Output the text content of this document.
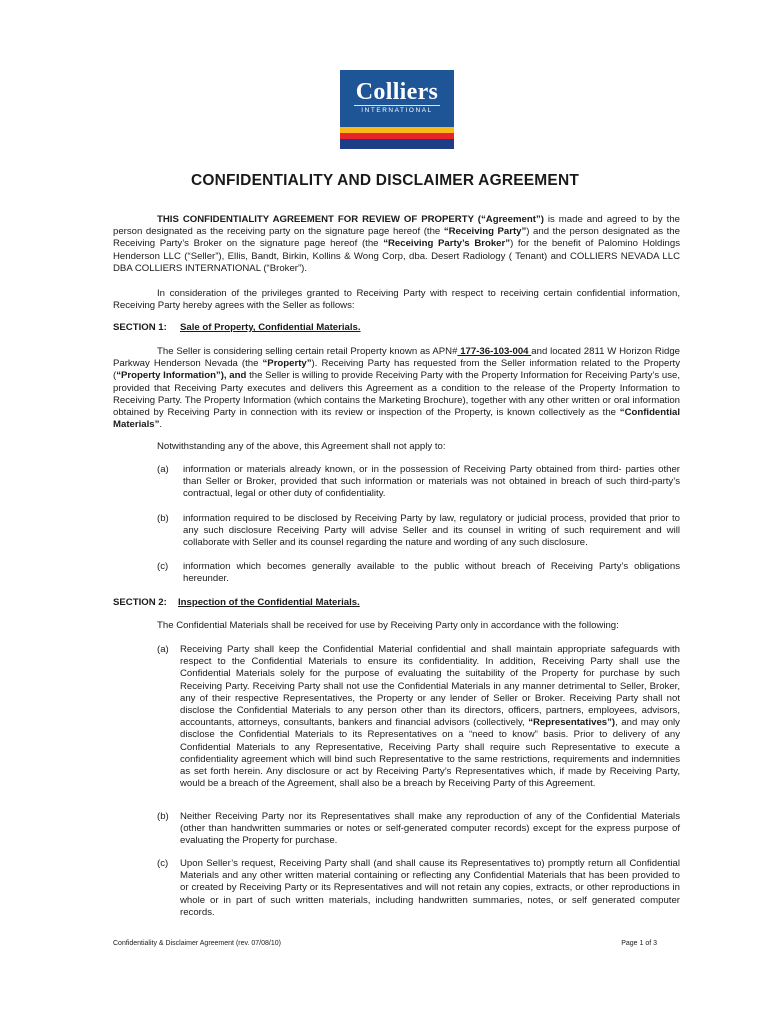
Colliers
INTERNATIONAL
CONFIDENTIALITY AND DISCLAIMER AGREEMENT
THIS CONFIDENTIALITY AGREEMENT FOR REVIEW OF PROPERTY (“Agreement”) is made and agreed to by the person designated as the receiving party on the signature page hereof (the “Receiving Party”) and the person designated as the Receiving Party’s Broker on the signature page hereof (the “Receiving Party’s Broker”) for the benefit of Palomino Holdings Henderson LLC (“Seller”), Ellis, Bandt, Birkin, Kollins & Wong Corp, dba. Desert Radiology ( Tenant) and COLLIERS NEVADA LLC DBA COLLIERS INTERNATIONAL (“Broker”).
In consideration of the privileges granted to Receiving Party with respect to receiving certain confidential information, Receiving Party hereby agrees with the Seller as follows:
SECTION 1: Sale of Property, Confidential Materials.
The Seller is considering selling certain retail Property known as APN# 177-36-103-004 and located 2811 W Horizon Ridge Parkway Henderson Nevada (the “Property”). Receiving Party has requested from the Seller information related to the Property (“Property Information”), and the Seller is willing to provide Receiving Party with the Property Information for Receiving Party’s use, provided that Receiving Party executes and delivers this Agreement as a condition to the release of the Property Information to Receiving Party. The Property Information (which contains the Marketing Brochure), together with any other written or oral information obtained by Receiving Party in connection with its review or inspection of the Property, is known collectively as the “Confidential Materials”.
Notwithstanding any of the above, this Agreement shall not apply to:
(a) information or materials already known, or in the possession of Receiving Party obtained from third- parties other than Seller or Broker, provided that such information or materials was not obtained in breach of such third-party’s contractual, legal or other duty of confidentiality.
(b) information required to be disclosed by Receiving Party by law, regulatory or judicial process, provided that prior to any such disclosure Receiving Party will advise Seller and its counsel in writing of such requirement and will collaborate with Seller and its counsel regarding the nature and wording of any such disclosure.
(c) information which becomes generally available to the public without breach of Receiving Party’s obligations hereunder.
SECTION 2: Inspection of the Confidential Materials.
The Confidential Materials shall be received for use by Receiving Party only in accordance with the following:
(a) Receiving Party shall keep the Confidential Material confidential and shall maintain appropriate safeguards with respect to the Confidential Materials to ensure its confidentiality. In addition, Receiving Party shall use the Confidential Materials solely for the purpose of evaluating the suitability of the Property for purchase by such Receiving Party. Receiving Party shall not use the Confidential Materials in any manner detrimental to Seller, Broker, any of their respective Representatives, the Property or any lender of Seller or Broker. Receiving Party shall not disclose the Confidential Materials to any person other than its directors, officers, partners, employees, advisors, accountants, attorneys, consultants, bankers and financial advisors (collectively, “Representatives”), and may only disclose the Confidential Materials to its Representatives on a “need to know” basis. Prior to delivery of any Confidential Materials to any Representative, Receiving Party shall require such Representative to execute a confidentiality agreement which will bind such Representative to the same restrictions, requirements and indemnities as set forth herein. Any disclosure or act by Receiving Party’s Representatives which, if made by Receiving Party, would be a breach of the Agreement, shall also be a breach by Receiving Party of this Agreement.
(b) Neither Receiving Party nor its Representatives shall make any reproduction of any of the Confidential Materials (other than handwritten summaries or notes or self-generated computer records) except for the express purpose of evaluating the Property for purchase.
(c) Upon Seller’s request, Receiving Party shall (and shall cause its Representatives to) promptly return all Confidential Materials and any other written material containing or reflecting any Confidential Materials that has been provided to or created by Receiving Party or its Representatives and will not retain any copies, extracts, or other reproductions in whole or in part of such written materials, including handwritten summaries, notes, or self generated computer records.
Confidentiality & Disclaimer Agreement (rev. 07/08/10)	Page 1 of 3
